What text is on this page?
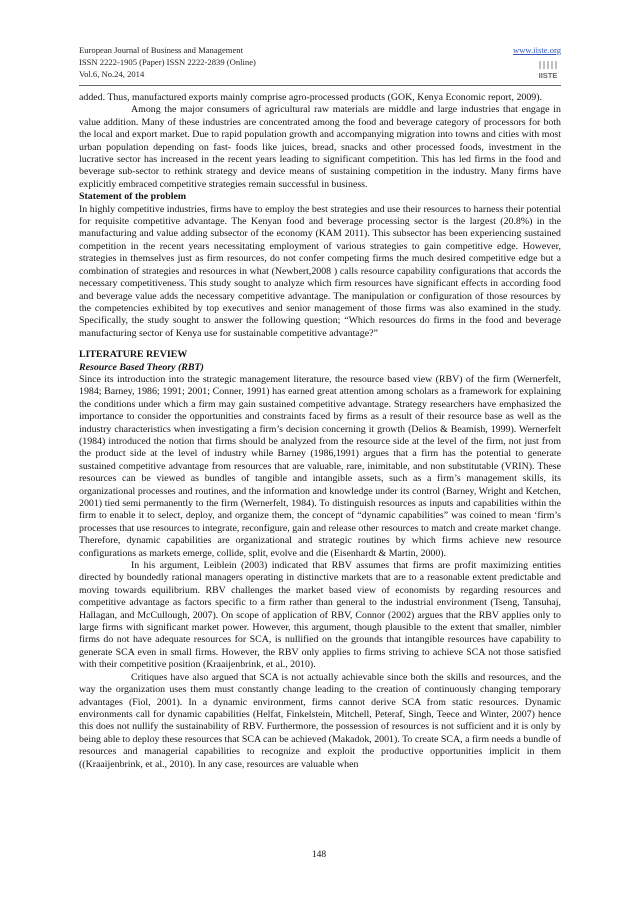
European Journal of Business and Management
ISSN 2222-1905 (Paper) ISSN 2222-2839 (Online)
Vol.6, No.24, 2014
www.iiste.org
IISTE

added. Thus, manufactured exports mainly comprise agro-processed products (GOK, Kenya Economic report, 2009).

Among the major consumers of agricultural raw materials are middle and large industries that engage in value addition. Many of these industries are concentrated among the food and beverage category of processors for both the local and export market. Due to rapid population growth and accompanying migration into towns and cities with most urban population depending on fast- foods like juices, bread, snacks and other processed foods, investment in the lucrative sector has increased in the recent years leading to significant competition. This has led firms in the food and beverage sub-sector to rethink strategy and device means of sustaining competition in the industry. Many firms have explicitly embraced competitive strategies remain successful in business.

Statement of the problem

In highly competitive industries, firms have to employ the best strategies and use their resources to harness their potential for requisite competitive advantage. The Kenyan food and beverage processing sector is the largest (20.8%) in the manufacturing and value adding subsector of the economy (KAM 2011). This subsector has been experiencing sustained competition in the recent years necessitating employment of various strategies to gain competitive edge. However, strategies in themselves just as firm resources, do not confer competing firms the much desired competitive edge but a combination of strategies and resources in what (Newbert,2008 ) calls resource capability configurations that accords the necessary competitiveness. This study sought to analyze which firm resources have significant effects in according food and beverage value adds the necessary competitive advantage. The manipulation or configuration of those resources by the competencies exhibited by top executives and senior management of those firms was also examined in the study. Specifically, the study sought to answer the following question; “Which resources do firms in the food and beverage manufacturing sector of Kenya use for sustainable competitive advantage?”

LITERATURE REVIEW

Resource Based Theory (RBT)

Since its introduction into the strategic management literature, the resource based view (RBV) of the firm (Wernerfelt, 1984; Barney, 1986; 1991; 2001; Conner, 1991) has earned great attention among scholars as a framework for explaining the conditions under which a firm may gain sustained competitive advantage. Strategy researchers have emphasized the importance to consider the opportunities and constraints faced by firms as a result of their resource base as well as the industry characteristics when investigating a firm’s decision concerning it growth (Delios & Beamish, 1999). Wernerfelt (1984) introduced the notion that firms should be analyzed from the resource side at the level of the firm, not just from the product side at the level of industry while Barney (1986,1991) argues that a firm has the potential to generate sustained competitive advantage from resources that are valuable, rare, inimitable, and non substitutable (VRIN). These resources can be viewed as bundles of tangible and intangible assets, such as a firm’s management skills, its organizational processes and routines, and the information and knowledge under its control (Barney, Wright and Ketchen, 2001) tied semi permanently to the firm (Wernerfelt, 1984). To distinguish resources as inputs and capabilities within the firm to enable it to select, deploy, and organize them, the concept of “dynamic capabilities” was coined to mean ‘firm’s processes that use resources to integrate, reconfigure, gain and release other resources to match and create market change. Therefore, dynamic capabilities are organizational and strategic routines by which firms achieve new resource configurations as markets emerge, collide, split, evolve and die (Eisenhardt & Martin, 2000).

In his argument, Leiblein (2003) indicated that RBV assumes that firms are profit maximizing entities directed by boundedly rational managers operating in distinctive markets that are to a reasonable extent predictable and moving towards equilibrium. RBV challenges the market based view of economists by regarding resources and competitive advantage as factors specific to a firm rather than general to the industrial environment (Tseng, Tansuhaj, Hallagan, and McCullough, 2007). On scope of application of RBV, Connor (2002) argues that the RBV applies only to large firms with significant market power. However, this argument, though plausible to the extent that smaller, nimbler firms do not have adequate resources for SCA, is nullified on the grounds that intangible resources have capability to generate SCA even in small firms. However, the RBV only applies to firms striving to achieve SCA not those satisfied with their competitive position (Kraaijenbrink, et al., 2010).

Critiques have also argued that SCA is not actually achievable since both the skills and resources, and the way the organization uses them must constantly change leading to the creation of continuously changing temporary advantages (Fiol, 2001). In a dynamic environment, firms cannot derive SCA from static resources. Dynamic environments call for dynamic capabilities (Helfat, Finkelstein, Mitchell, Peteraf, Singh, Teece and Winter, 2007) hence this does not nullify the sustainability of RBV. Furthermore, the possession of resources is not sufficient and it is only by being able to deploy these resources that SCA can be achieved (Makadok, 2001). To create SCA, a firm needs a bundle of resources and managerial capabilities to recognize and exploit the productive opportunities implicit in them ((Kraaijenbrink, et al., 2010). In any case, resources are valuable when

148
